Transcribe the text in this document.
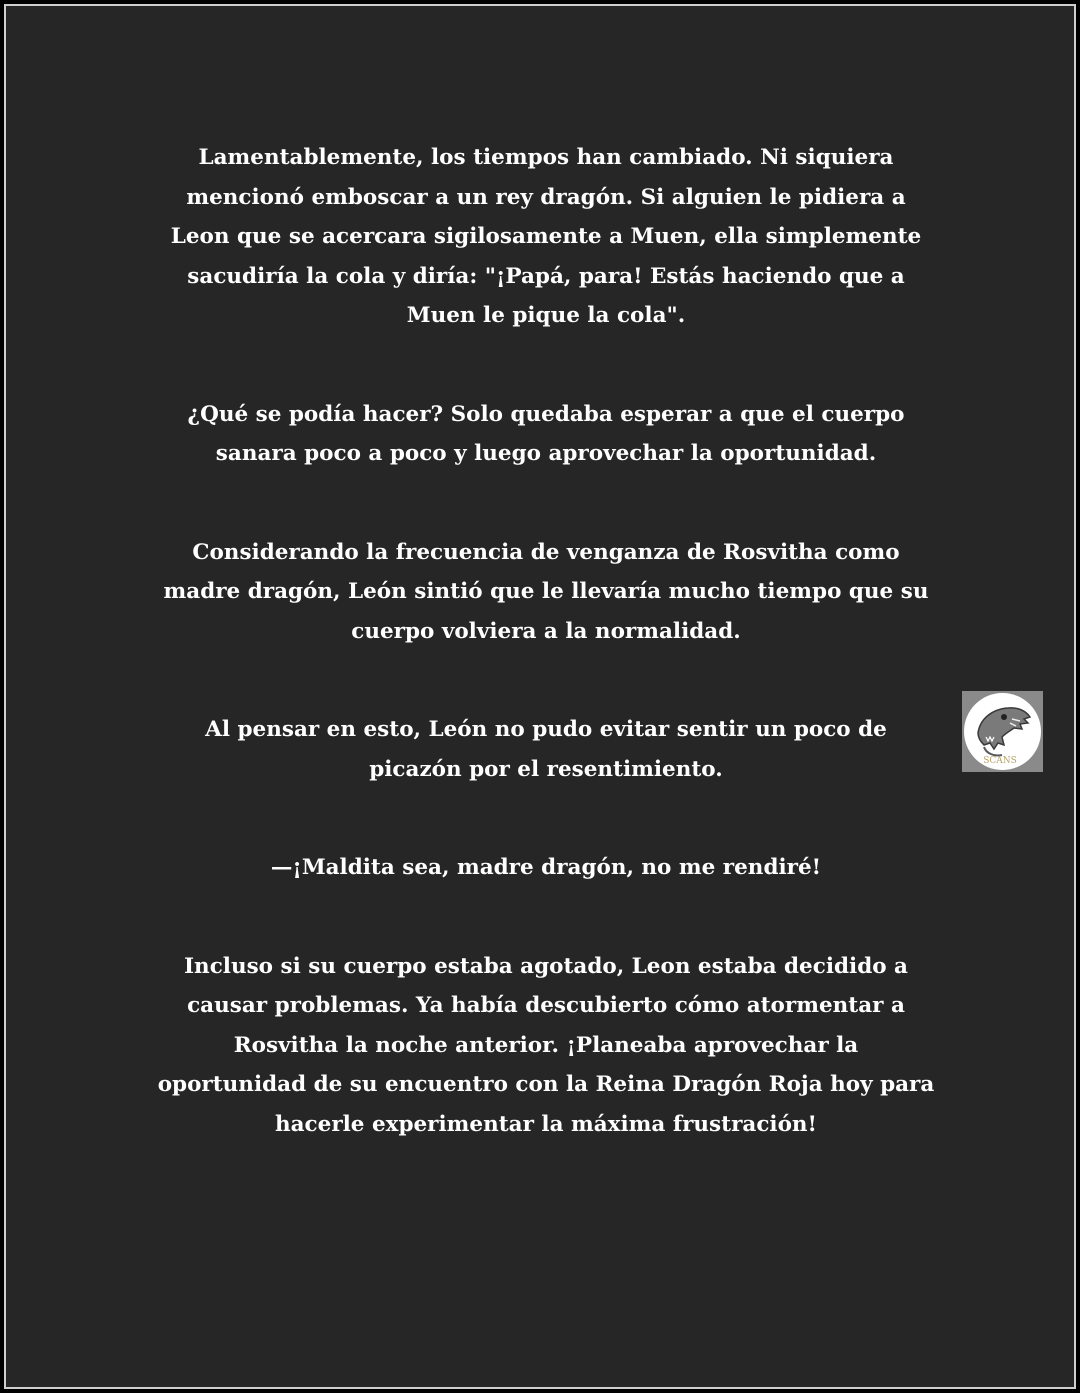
Lamentablemente, los tiempos han cambiado. Ni siquiera mencionó emboscar a un rey dragón. Si alguien le pidiera a Leon que se acercara sigilosamente a Muen, ella simplemente sacudiría la cola y diría: "¡Papá, para! Estás haciendo que a Muen le pique la cola".

¿Qué se podía hacer? Solo quedaba esperar a que el cuerpo sanara poco a poco y luego aprovechar la oportunidad.

Considerando la frecuencia de venganza de Rosvitha como madre dragón, León sintió que le llevaría mucho tiempo que su cuerpo volviera a la normalidad.

Al pensar en esto, León no pudo evitar sentir un poco de picazón por el resentimiento.

—¡Maldita sea, madre dragón, no me rendiré!

Incluso si su cuerpo estaba agotado, Leon estaba decidido a causar problemas. Ya había descubierto cómo atormentar a Rosvitha la noche anterior. ¡Planeaba aprovechar la oportunidad de su encuentro con la Reina Dragón Roja hoy para hacerle experimentar la máxima frustración!

SCANS
